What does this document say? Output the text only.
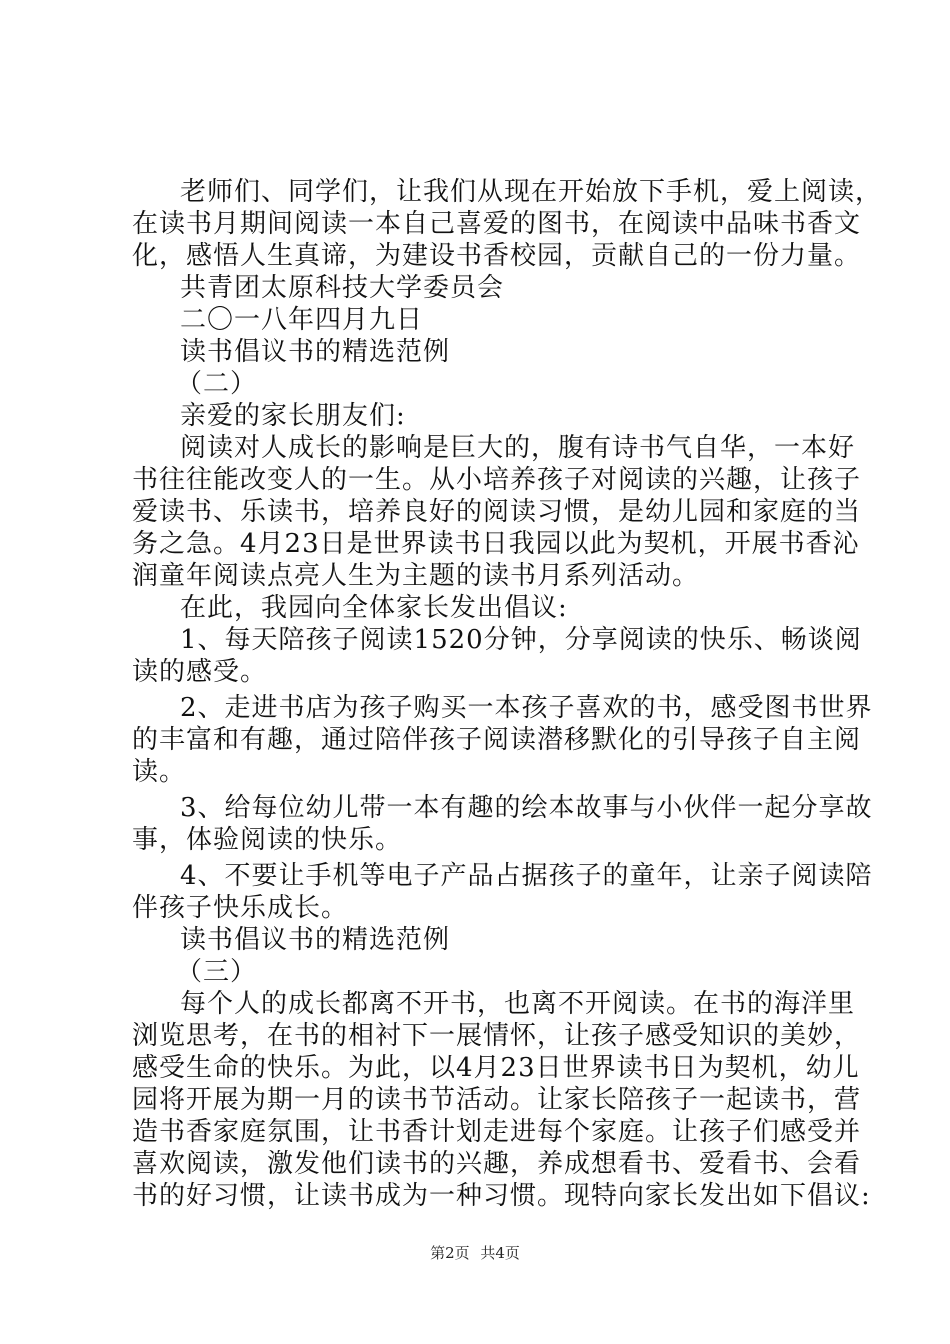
老师们、同学们，让我们从现在开始放下手机，爱上阅读，
在读书月期间阅读一本自己喜爱的图书，在阅读中品味书香文
化，感悟人生真谛，为建设书香校园，贡献自己的一份力量。
共青团太原科技大学委员会
二〇一八年四月九日
读书倡议书的精选范例
（二）
亲爱的家长朋友们:
阅读对人成长的影响是巨大的，腹有诗书气自华，一本好
书往往能改变人的一生。从小培养孩子对阅读的兴趣，让孩子
爱读书、乐读书，培养良好的阅读习惯，是幼儿园和家庭的当
务之急。4月23日是世界读书日我园以此为契机，开展书香沁
润童年阅读点亮人生为主题的读书月系列活动。
在此，我园向全体家长发出倡议:
1、每天陪孩子阅读1520分钟，分享阅读的快乐、畅谈阅
读的感受。
2、走进书店为孩子购买一本孩子喜欢的书，感受图书世界
的丰富和有趣，通过陪伴孩子阅读潜移默化的引导孩子自主阅
读。
3、给每位幼儿带一本有趣的绘本故事与小伙伴一起分享故
事，体验阅读的快乐。
4、不要让手机等电子产品占据孩子的童年，让亲子阅读陪
伴孩子快乐成长。
读书倡议书的精选范例
（三）
每个人的成长都离不开书，也离不开阅读。在书的海洋里
浏览思考，在书的相衬下一展情怀，让孩子感受知识的美妙，
感受生命的快乐。为此，以4月23日世界读书日为契机，幼儿
园将开展为期一月的读书节活动。让家长陪孩子一起读书，营
造书香家庭氛围，让书香计划走进每个家庭。让孩子们感受并
喜欢阅读，激发他们读书的兴趣，养成想看书、爱看书、会看
书的好习惯，让读书成为一种习惯。现特向家长发出如下倡议:
第2页 共4页
